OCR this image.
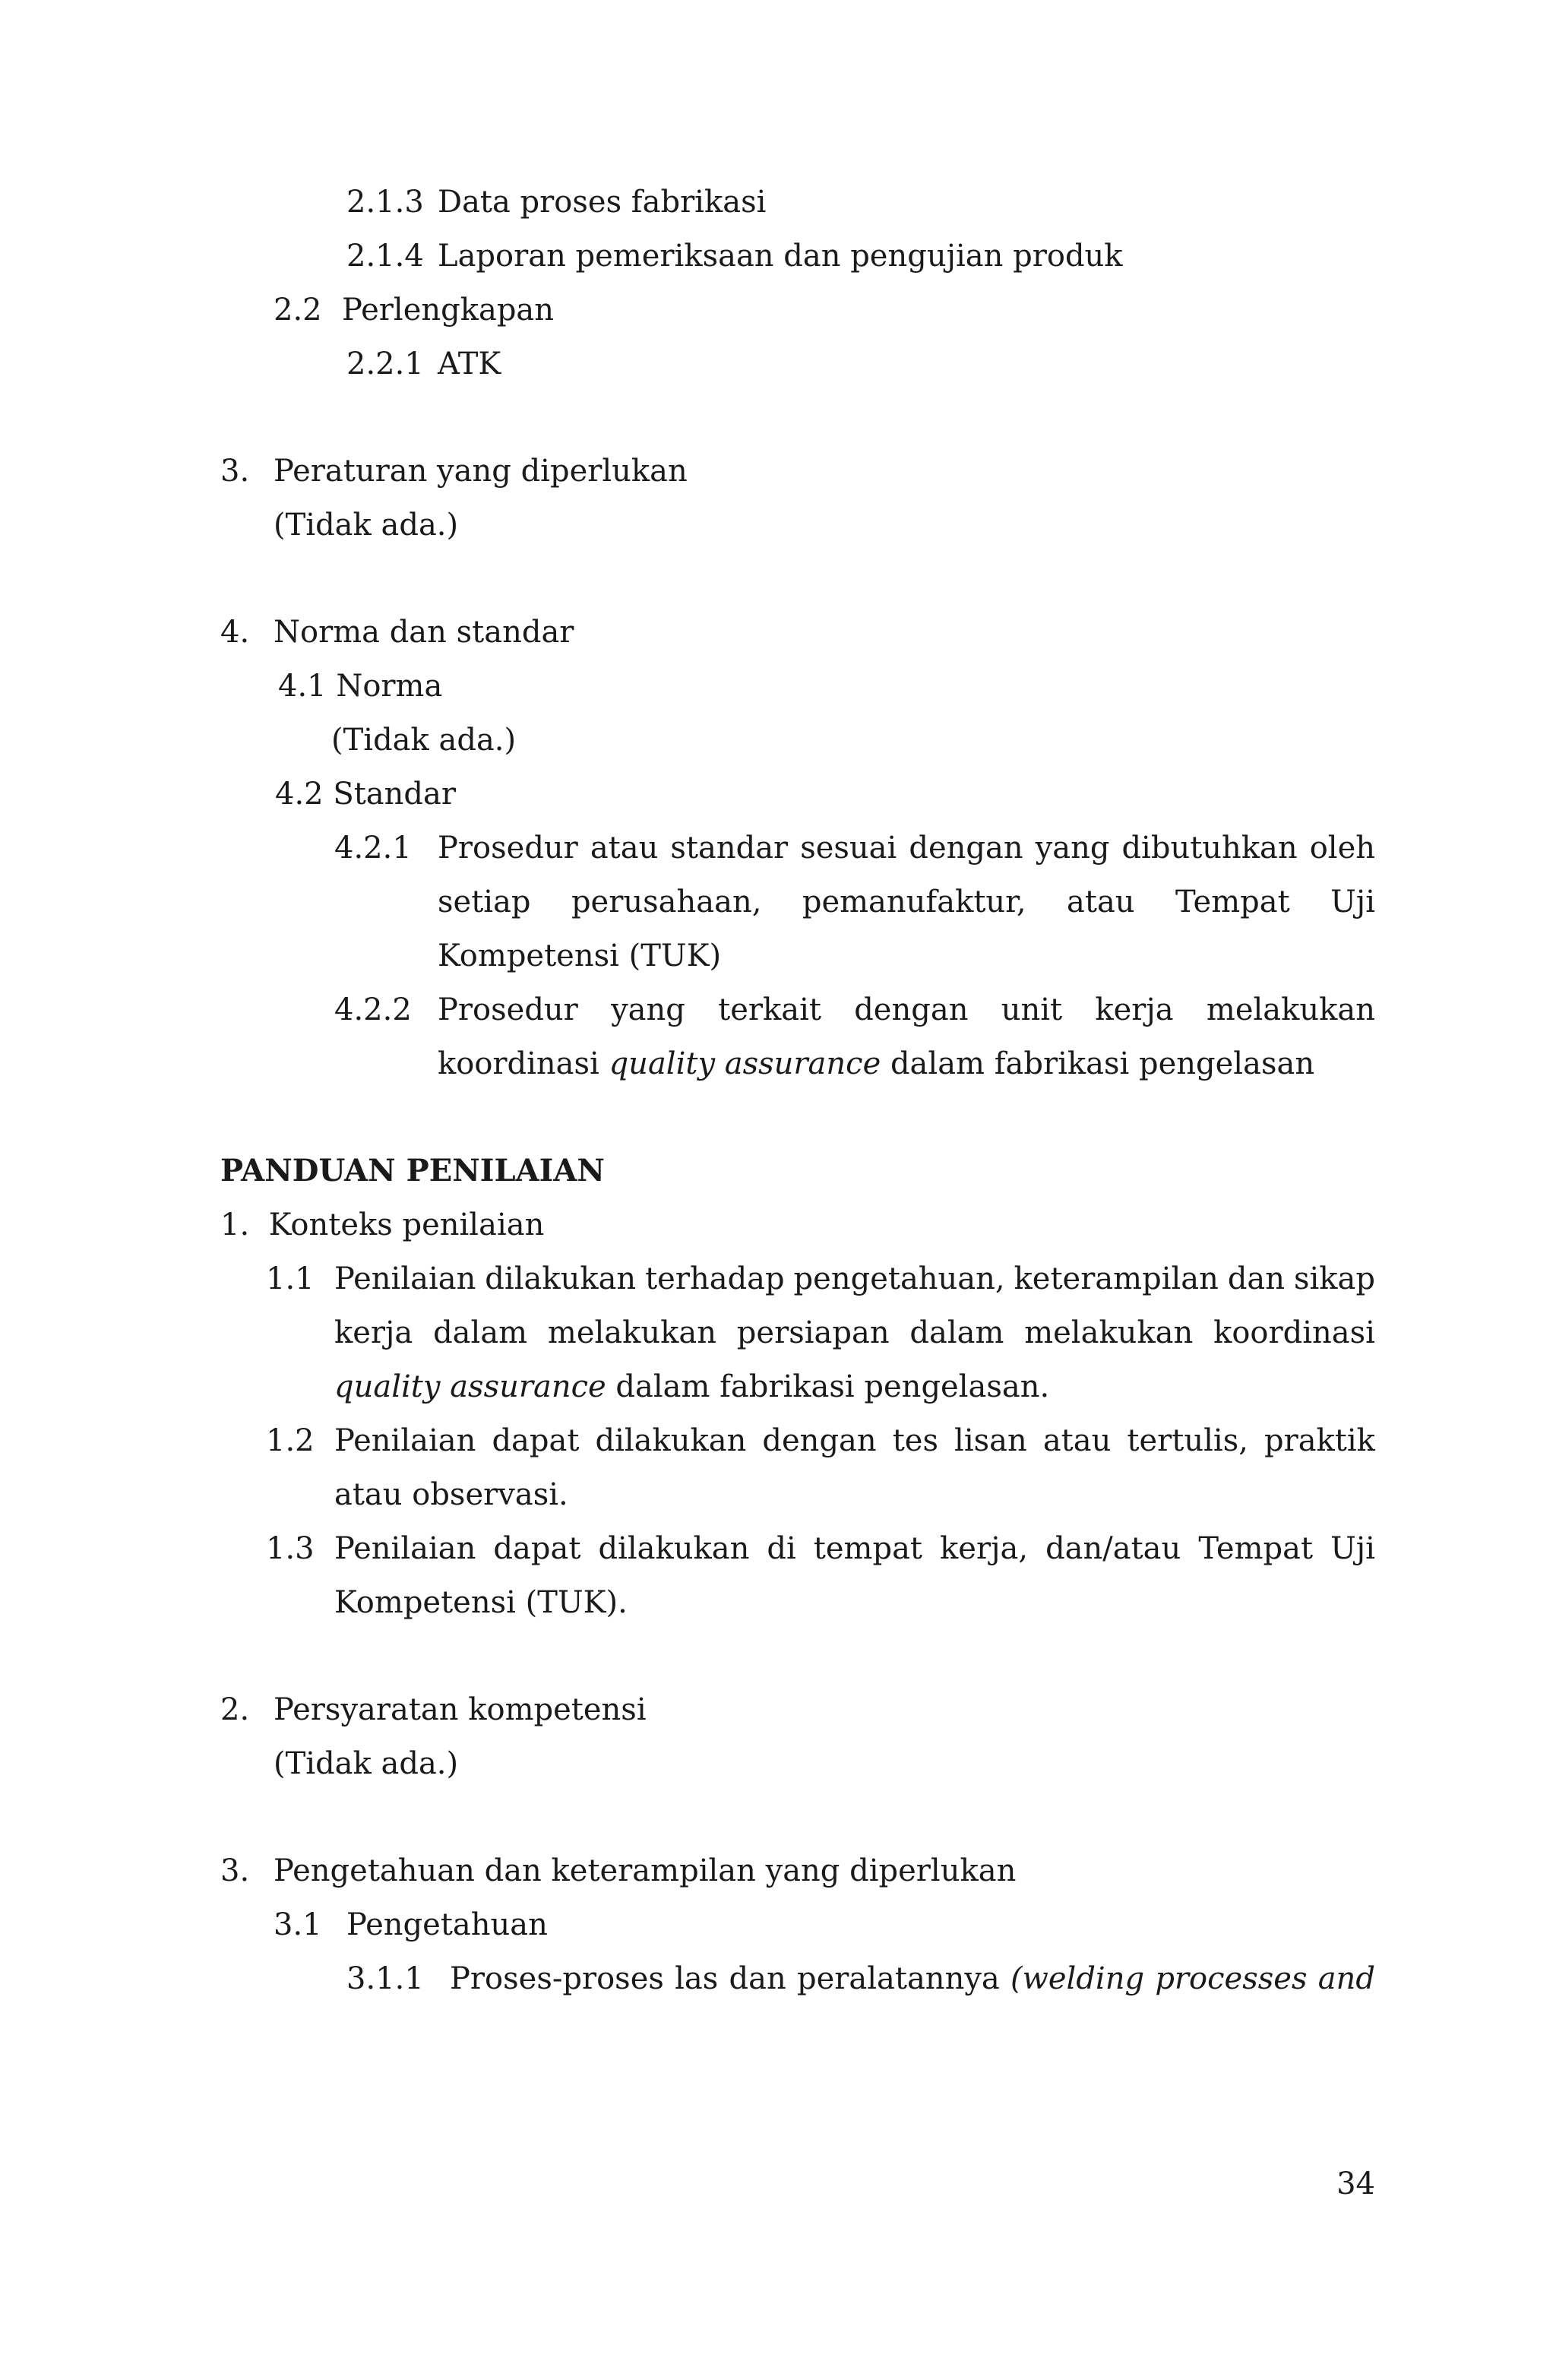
2.1.3 Data proses fabrikasi
2.1.4 Laporan pemeriksaan dan pengujian produk
2.2 Perlengkapan
2.2.1 ATK
3. Peraturan yang diperlukan
(Tidak ada.)
4. Norma dan standar
4.1 Norma
(Tidak ada.)
4.2 Standar
4.2.1 Prosedur atau standar sesuai dengan yang dibutuhkan oleh
setiap perusahaan, pemanufaktur, atau Tempat Uji
Kompetensi (TUK)
4.2.2 Prosedur yang terkait dengan unit kerja melakukan
koordinasi quality assurance dalam fabrikasi pengelasan
PANDUAN PENILAIAN
1.  Konteks penilaian
1.1 Penilaian dilakukan terhadap pengetahuan, keterampilan dan sikap
kerja dalam melakukan persiapan dalam melakukan koordinasi
quality assurance dalam fabrikasi pengelasan.
1.2 Penilaian dapat dilakukan dengan tes lisan atau tertulis, praktik
atau observasi.
1.3 Penilaian dapat dilakukan di tempat kerja, dan/atau Tempat Uji
Kompetensi (TUK).
2. Persyaratan kompetensi
(Tidak ada.)
3. Pengetahuan dan keterampilan yang diperlukan
3.1 Pengetahuan
3.1.1 Proses-proses las dan peralatannya (welding processes and
34
